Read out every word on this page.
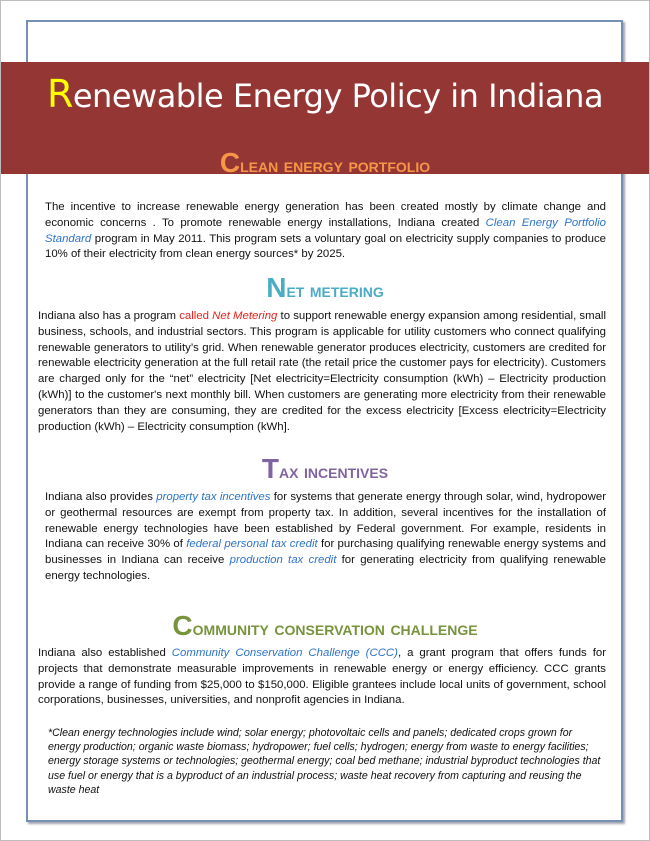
Renewable Energy Policy in Indiana
Clean energy portfolio
The incentive to increase renewable energy generation has been created mostly by climate change and economic concerns . To promote renewable energy installations, Indiana created Clean Energy Portfolio Standard program in May 2011. This program sets a voluntary goal on electricity supply companies to produce 10% of their electricity from clean energy sources* by 2025.
Net metering
Indiana also has a program called Net Metering to support renewable energy expansion among residential, small business, schools, and industrial sectors. This program is applicable for utility customers who connect qualifying renewable generators to utility’s grid. When renewable generator produces electricity, customers are credited for renewable electricity generation at the full retail rate (the retail price the customer pays for electricity). Customers are charged only for the “net” electricity [Net electricity=Electricity consumption (kWh) – Electricity production (kWh)] to the customer's next monthly bill. When customers are generating more electricity from their renewable generators than they are consuming, they are credited for the excess electricity [Excess electricity=Electricity production (kWh) – Electricity consumption (kWh].
Tax incentives
Indiana also provides property tax incentives for systems that generate energy through solar, wind, hydropower or geothermal resources are exempt from property tax. In addition, several incentives for the installation of renewable energy technologies have been established by Federal government. For example, residents in Indiana can receive 30% of federal personal tax credit for purchasing qualifying renewable energy systems and businesses in Indiana can receive production tax credit for generating electricity from qualifying renewable energy technologies.
Community conservation challenge
Indiana also established Community Conservation Challenge (CCC), a grant program that offers funds for projects that demonstrate measurable improvements in renewable energy or energy efficiency. CCC grants provide a range of funding from $25,000 to $150,000. Eligible grantees include local units of government, school corporations, businesses, universities, and nonprofit agencies in Indiana.
*Clean energy technologies include wind; solar energy; photovoltaic cells and panels; dedicated crops grown for energy production; organic waste biomass; hydropower; fuel cells; hydrogen; energy from waste to energy facilities; energy storage systems or technologies; geothermal energy; coal bed methane; industrial byproduct technologies that use fuel or energy that is a byproduct of an industrial process; waste heat recovery from capturing and reusing the waste heat
